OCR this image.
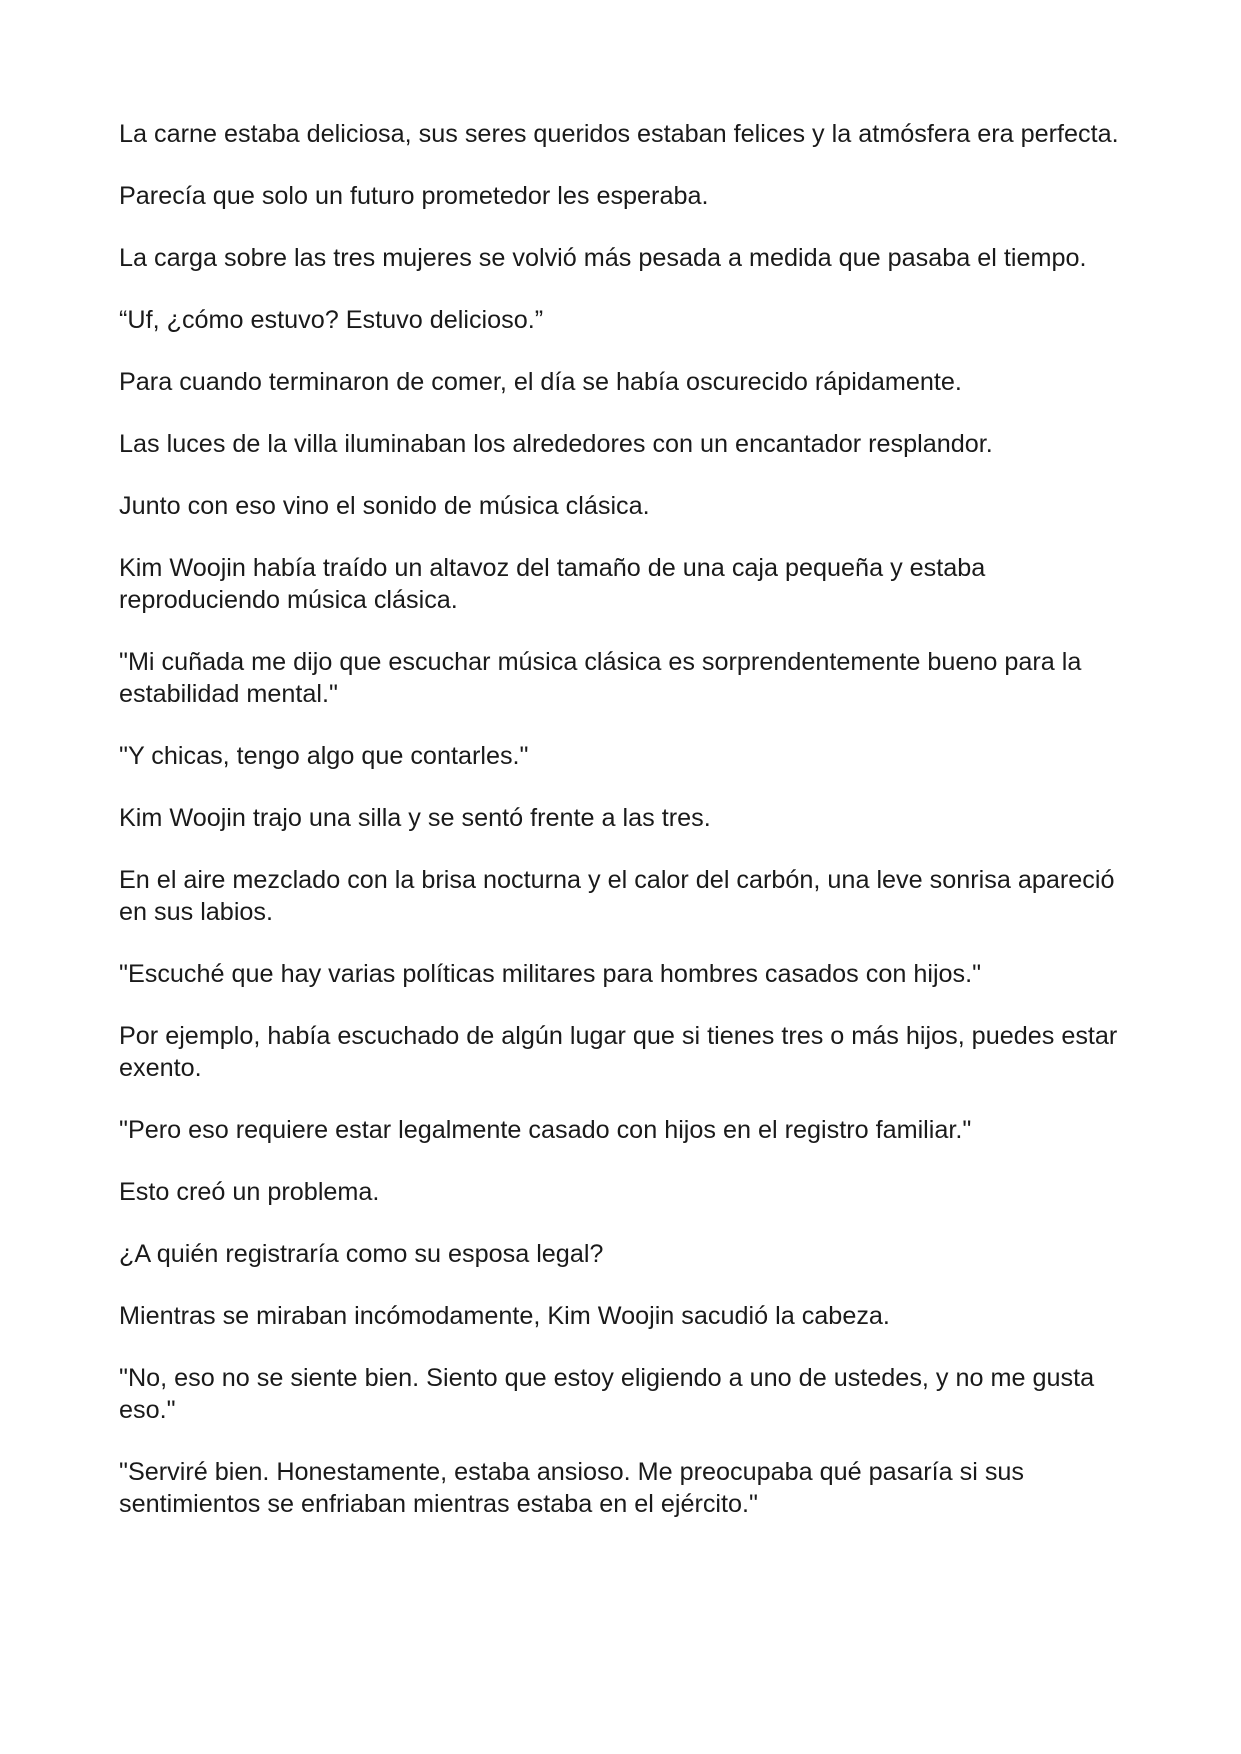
La carne estaba deliciosa, sus seres queridos estaban felices y la atmósfera era perfecta.

Parecía que solo un futuro prometedor les esperaba.

La carga sobre las tres mujeres se volvió más pesada a medida que pasaba el tiempo.

“Uf, ¿cómo estuvo? Estuvo delicioso.”

Para cuando terminaron de comer, el día se había oscurecido rápidamente.

Las luces de la villa iluminaban los alrededores con un encantador resplandor.

Junto con eso vino el sonido de música clásica.

Kim Woojin había traído un altavoz del tamaño de una caja pequeña y estaba reproduciendo música clásica.

"Mi cuñada me dijo que escuchar música clásica es sorprendentemente bueno para la estabilidad mental."

"Y chicas, tengo algo que contarles."

Kim Woojin trajo una silla y se sentó frente a las tres.

En el aire mezclado con la brisa nocturna y el calor del carbón, una leve sonrisa apareció en sus labios.

"Escuché que hay varias políticas militares para hombres casados con hijos."

Por ejemplo, había escuchado de algún lugar que si tienes tres o más hijos, puedes estar exento.

"Pero eso requiere estar legalmente casado con hijos en el registro familiar."

Esto creó un problema.

¿A quién registraría como su esposa legal?

Mientras se miraban incómodamente, Kim Woojin sacudió la cabeza.

"No, eso no se siente bien. Siento que estoy eligiendo a uno de ustedes, y no me gusta eso."

"Serviré bien. Honestamente, estaba ansioso. Me preocupaba qué pasaría si sus sentimientos se enfriaban mientras estaba en el ejército."
